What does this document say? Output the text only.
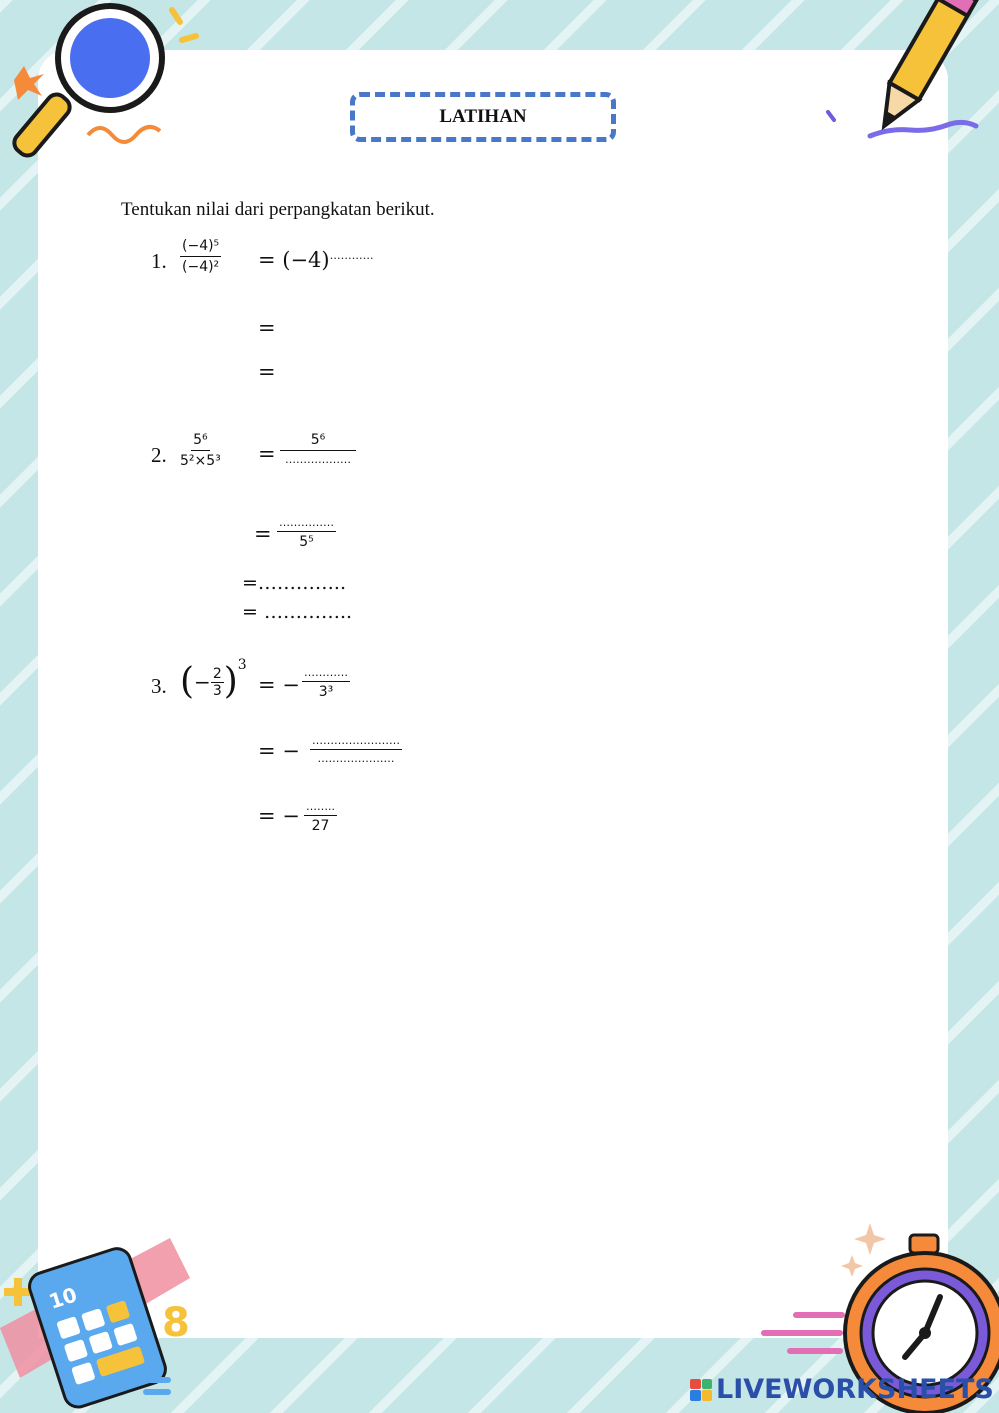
10
8
LATIHAN
Tentukan nilai dari perpangkatan berikut.
1. $\frac{\text{(−4)⁵}}{\text{(−4)²}} = (-4)^{\dots\dots\dots\dots}$
=
=
2. $\frac{\text{5⁶}}{\text{5²×5³}}$ =
5⁶
………………
= ……………
5⁵
=…………..
= …………..
3. ( − $\frac{2}{3}$ ) 3
= −
…………
3³
= − ……………………
…………………
= − ……..
27
LIVEWORKSHEETS
